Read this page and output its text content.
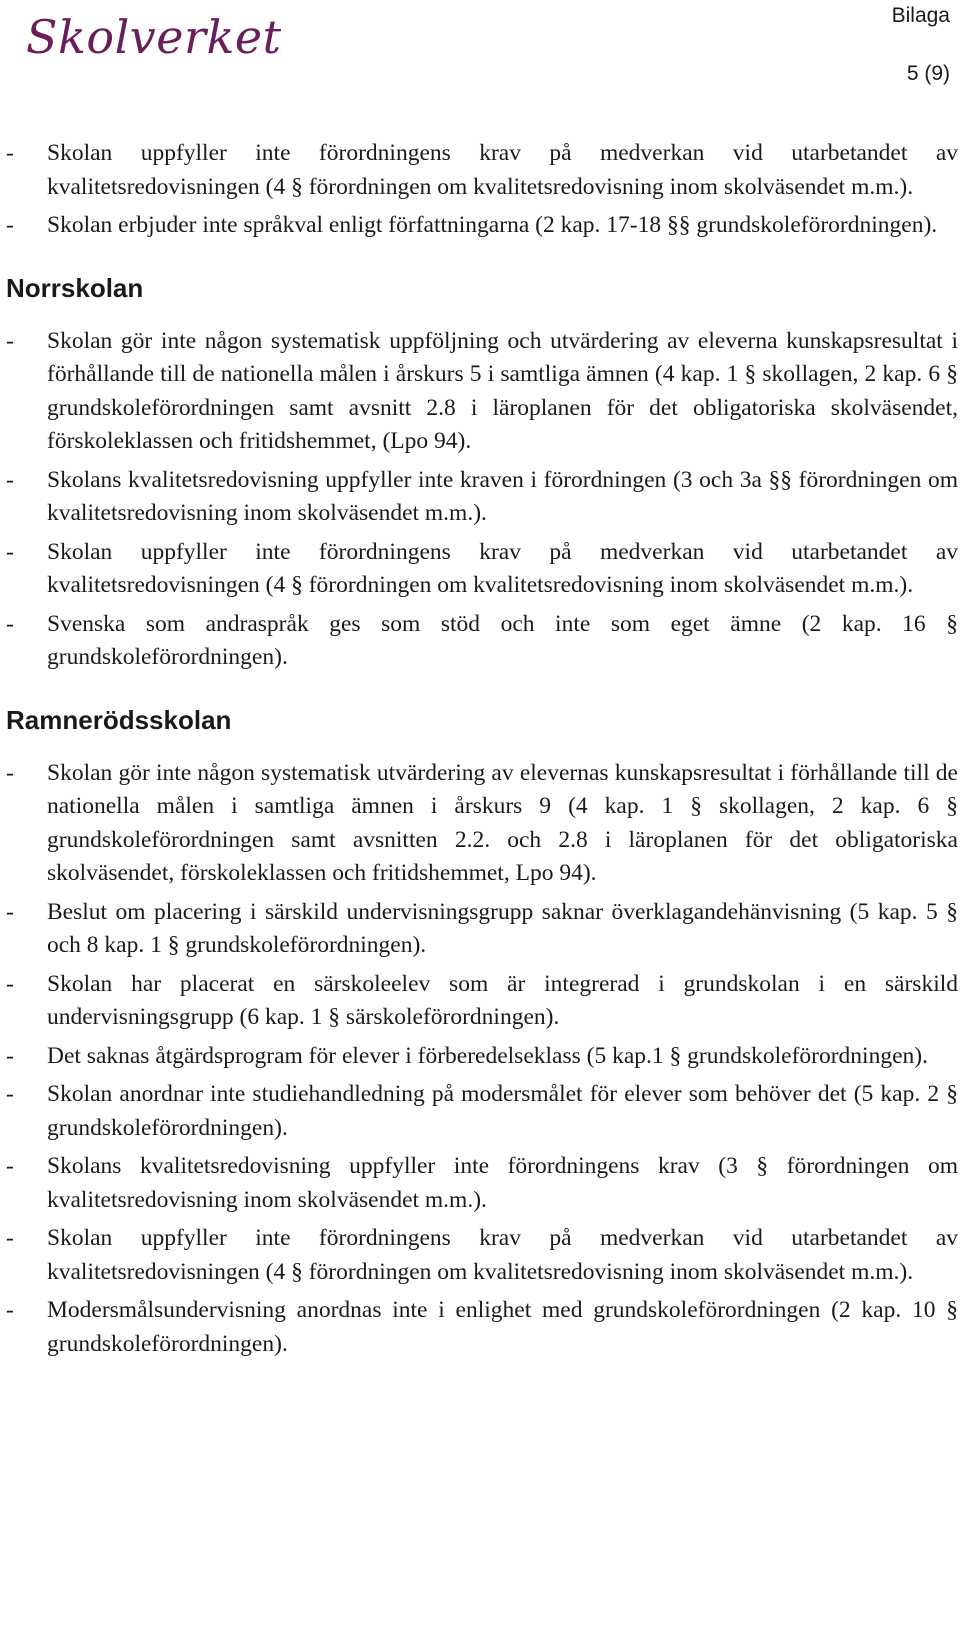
Skolverket	Bilaga
5 (9)
- Skolan uppfyller inte förordningens krav på medverkan vid utarbetandet av kvalitetsredovisningen (4 § förordningen om kvalitetsredovisning inom skolväsendet m.m.).
- Skolan erbjuder inte språkval enligt författningarna (2 kap. 17-18 §§ grundskoleförordningen).
Norrskolan
- Skolan gör inte någon systematisk uppföljning och utvärdering av eleverna kunskapsresultat i förhållande till de nationella målen i årskurs 5 i samtliga ämnen (4 kap. 1 § skollagen, 2 kap. 6 § grundskoleförordningen samt avsnitt 2.8 i läroplanen för det obligatoriska skolväsendet, förskoleklassen och fritidshemmet, (Lpo 94).
- Skolans kvalitetsredovisning uppfyller inte kraven i förordningen (3 och 3a §§ förordningen om kvalitetsredovisning inom skolväsendet m.m.).
- Skolan uppfyller inte förordningens krav på medverkan vid utarbetandet av kvalitetsredovisningen (4 § förordningen om kvalitetsredovisning inom skolväsendet m.m.).
- Svenska som andraspråk ges som stöd och inte som eget ämne (2 kap. 16 § grundskoleförordningen).
Ramnerödsskolan
- Skolan gör inte någon systematisk utvärdering av elevernas kunskapsresultat i förhållande till de nationella målen i samtliga ämnen i årskurs 9 (4 kap. 1 § skollagen, 2 kap. 6 § grundskoleförordningen samt avsnitten 2.2. och 2.8 i läroplanen för det obligatoriska skolväsendet, förskoleklassen och fritidshemmet, Lpo 94).
- Beslut om placering i särskild undervisningsgrupp saknar överklagandehänvisning (5 kap. 5 § och 8 kap. 1 § grundskoleförordningen).
- Skolan har placerat en särskoleelev som är integrerad i grundskolan i en särskild undervisningsgrupp (6 kap. 1 § särskoleförordningen).
- Det saknas åtgärdsprogram för elever i förberedelseklass (5 kap.1 § grundskoleförordningen).
- Skolan anordnar inte studiehandledning på modersmålet för elever som behöver det (5 kap. 2 § grundskoleförordningen).
- Skolans kvalitetsredovisning uppfyller inte förordningens krav (3 § förordningen om kvalitetsredovisning inom skolväsendet m.m.).
- Skolan uppfyller inte förordningens krav på medverkan vid utarbetandet av kvalitetsredovisningen (4 § förordningen om kvalitetsredovisning inom skolväsendet m.m.).
- Modersmålsundervisning anordnas inte i enlighet med grundskoleförordningen (2 kap. 10 § grundskoleförordningen).
